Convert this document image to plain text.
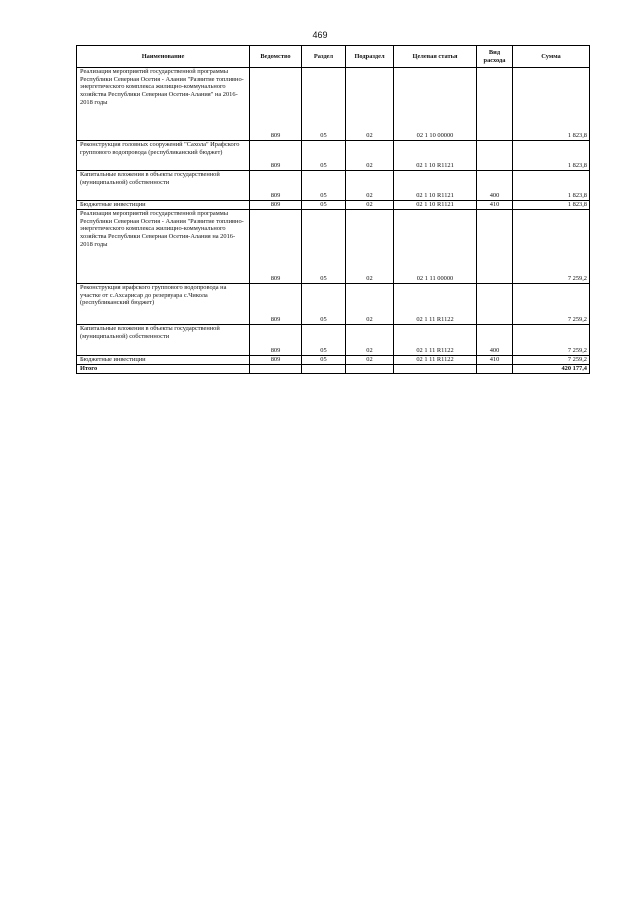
469
Наименование	Ведомство	Раздел	Подраздел	Целевая статья	Вид расхода	Сумма
Реализация мероприятий государственной программы Республики Северная Осетия - Алания "Развитие топливно-энергетического комплекса жилищно-коммунального хозяйства Республики Северная Осетия-Алания" на 2016-2018 годы	809	05	02	02 1 10 00000		1 823,8
Реконструкция головных сооружений "Сахола" Ирафского группового водопровода (республиканский бюджет)	809	05	02	02 1 10 R1121		1 823,8
Капитальные вложения в объекты государственной (муниципальной) собственности	809	05	02	02 1 10 R1121	400	1 823,8
Бюджетные инвестиции	809	05	02	02 1 10 R1121	410	1 823,8
Реализация мероприятий государственной программы Республики Северная Осетия - Алания "Развитие топливно-энергетического комплекса жилищно-коммунального хозяйства Республики Северная Осетия-Алания на 2016-2018 годы	809	05	02	02 1 11 00000		7 259,2
Реконструкция ирафского группового водопровода на участке от с.Ахсарисар до резервуара с.Чикола (республиканский бюджет)	809	05	02	02 1 11 R1122		7 259,2
Капитальные вложения в объекты государственной (муниципальной) собственности	809	05	02	02 1 11 R1122	400	7 259,2
Бюджетные инвестиции	809	05	02	02 1 11 R1122	410	7 259,2
Итого						420 177,4
